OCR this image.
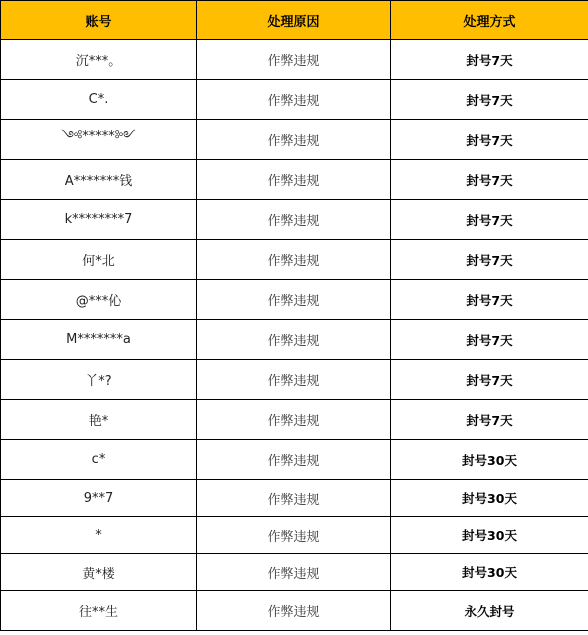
账号	处理原因	处理方式
沉***。	作弊违规	封号7天
C*.	作弊违规	封号7天
༺*****༻	作弊违规	封号7天
A*******钱	作弊违规	封号7天
k********7	作弊违规	封号7天
何*北	作弊违规	封号7天
@***伈	作弊违规	封号7天
M*******a	作弊违规	封号7天
丫*?	作弊违规	封号7天
艳*	作弊违规	封号7天
c*	作弊违规	封号30天
9**7	作弊违规	封号30天
*	作弊违规	封号30天
黄*楼	作弊违规	封号30天
往**生	作弊违规	永久封号
